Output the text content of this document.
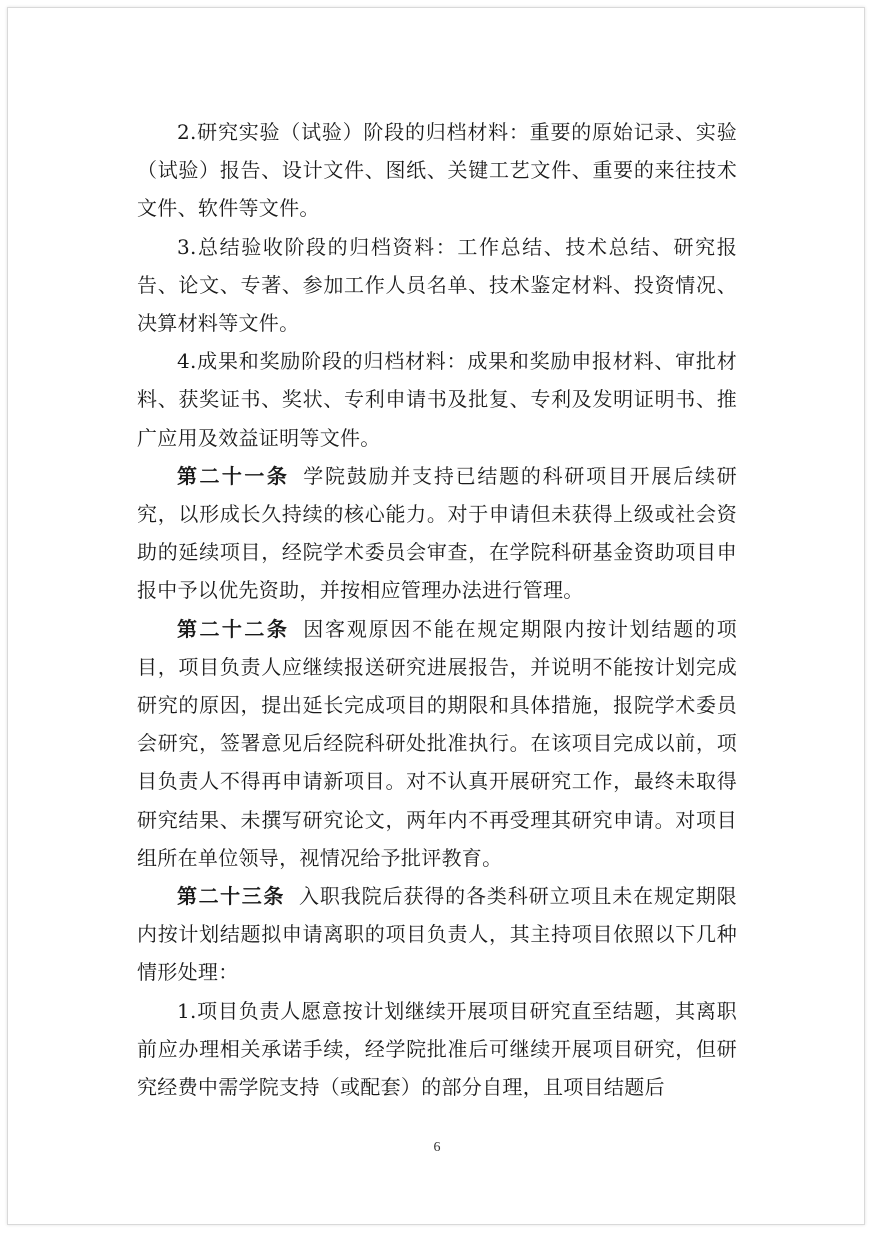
2.研究实验（试验）阶段的归档材料：重要的原始记录、实验（试验）报告、设计文件、图纸、关键工艺文件、重要的来往技术文件、软件等文件。

3.总结验收阶段的归档资料：工作总结、技术总结、研究报告、论文、专著、参加工作人员名单、技术鉴定材料、投资情况、决算材料等文件。

4.成果和奖励阶段的归档材料：成果和奖励申报材料、审批材料、获奖证书、奖状、专利申请书及批复、专利及发明证明书、推广应用及效益证明等文件。

第二十一条 学院鼓励并支持已结题的科研项目开展后续研究，以形成长久持续的核心能力。对于申请但未获得上级或社会资助的延续项目，经院学术委员会审查，在学院科研基金资助项目申报中予以优先资助，并按相应管理办法进行管理。

第二十二条 因客观原因不能在规定期限内按计划结题的项目，项目负责人应继续报送研究进展报告，并说明不能按计划完成研究的原因，提出延长完成项目的期限和具体措施，报院学术委员会研究，签署意见后经院科研处批准执行。在该项目完成以前，项目负责人不得再申请新项目。对不认真开展研究工作，最终未取得研究结果、未撰写研究论文，两年内不再受理其研究申请。对项目组所在单位领导，视情况给予批评教育。

第二十三条 入职我院后获得的各类科研立项且未在规定期限内按计划结题拟申请离职的项目负责人，其主持项目依照以下几种情形处理：

1.项目负责人愿意按计划继续开展项目研究直至结题，其离职前应办理相关承诺手续，经学院批准后可继续开展项目研究，但研究经费中需学院支持（或配套）的部分自理，且项目结题后

6
